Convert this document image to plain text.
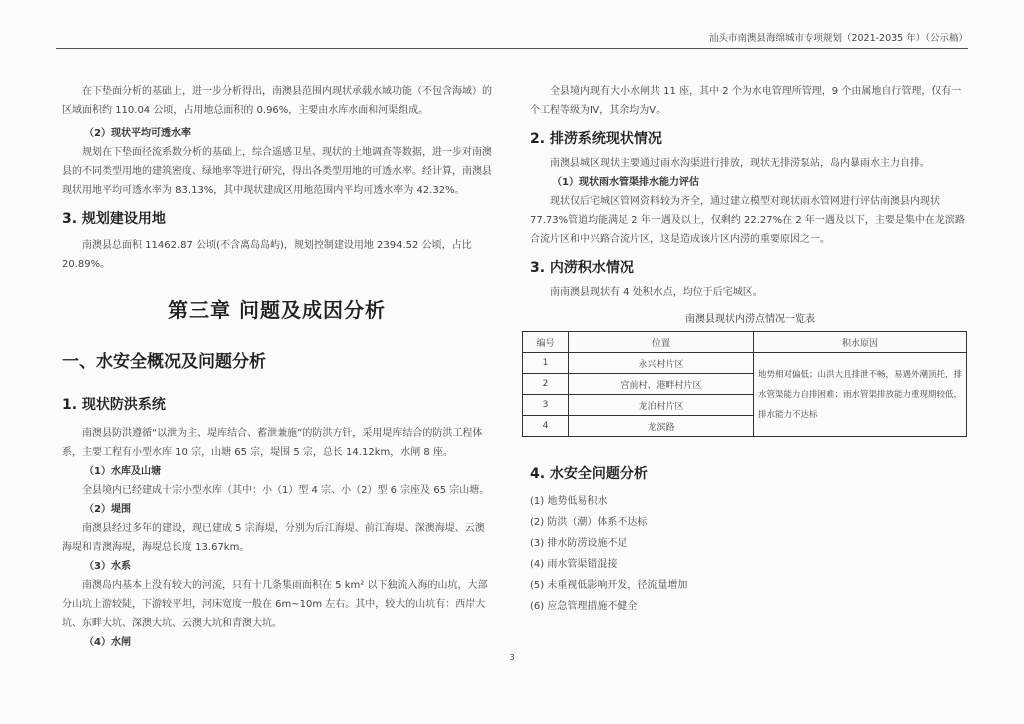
汕头市南澳县海绵城市专项规划（2021-2035 年）（公示稿）

在下垫面分析的基础上，进一步分析得出，南澳县范围内现状承载水域功能（不包含海域）的区域面积约 110.04 公顷，占用地总面积的 0.96%，主要由水库水面和河渠组成。

（2）现状平均可透水率

规划在下垫面径流系数分析的基础上，综合遥感卫星、现状的土地调查等数据，进一步对南澳县的不同类型用地的建筑密度、绿地率等进行研究，得出各类型用地的可透水率。经计算，南澳县现状用地平均可透水率为 83.13%，其中现状建成区用地范围内平均可透水率为 42.32%。

3. 规划建设用地

南澳县总面积 11462.87 公顷(不含离岛岛屿)，规划控制建设用地 2394.52 公顷，占比 20.89%。

第三章 问题及成因分析
一、水安全概况及问题分析
1. 现状防洪系统

南澳县防洪遵循“以泄为主、堤库结合、蓄泄兼施”的防洪方针，采用堤库结合的防洪工程体系，主要工程有小型水库 10 宗，山塘 65 宗，堤围 5 宗，总长 14.12km，水闸 8 座。

（1）水库及山塘

全县境内已经建成十宗小型水库（其中：小（1）型 4 宗、小（2）型 6 宗座及 65 宗山塘。

（2）堤围

南澳县经过多年的建设，现已建成 5 宗海堤，分别为后江海堤、前江海堤、深澳海堤、云澳海堤和青澳海堤，海堤总长度 13.67km。

（3）水系

南澳岛内基本上没有较大的河流，只有十几条集雨面积在 5 km² 以下独流入海的山坑，大部分山坑上游较陡，下游较平坦，河床宽度一般在 6m~10m 左右。其中，较大的山坑有：西岸大坑、东畔大坑、深澳大坑、云澳大坑和青澳大坑。

（4）水闸

全县境内现有大小水闸共 11 座，其中 2 个为水电管理所管理，9 个由属地自行管理，仅有一个工程等级为Ⅳ，其余均为Ⅴ。

2. 排涝系统现状情况

南澳县城区现状主要通过雨水沟渠进行排放，现状无排涝泵站，岛内暴雨水主力自排。

（1）现状雨水管渠排水能力评估

现状仅后宅城区管网资料较为齐全，通过建立模型对现状雨水管网进行评估南澳县内现状 77.73%管道均能满足 2 年一遇及以上，仅剩约 22.27%在 2 年一遇及以下，主要是集中在龙滨路合流片区和中兴路合流片区，这是造成该片区内涝的重要原因之一。

3. 内涝积水情况

南南澳县现状有 4 处积水点，均位于后宅城区。

南澳县现状内涝点情况一览表
编号	位置	积水原因
1	永兴村片区	地势相对偏低；山洪大且排泄不畅，易遇外潮顶托，排水管渠能力自排困难；雨水管渠排放能力重现期较低，排水能力不达标
2	宫前村、港畔村片区	
3	龙泊村片区	
4	龙滨路	
4. 水安全问题分析
(1) 地势低易积水
(2) 防洪（潮）体系不达标
(3) 排水防涝设施不足
(4) 雨水管渠错混接
(5) 未重视低影响开发，径流量增加
(6) 应急管理措施不健全
3
